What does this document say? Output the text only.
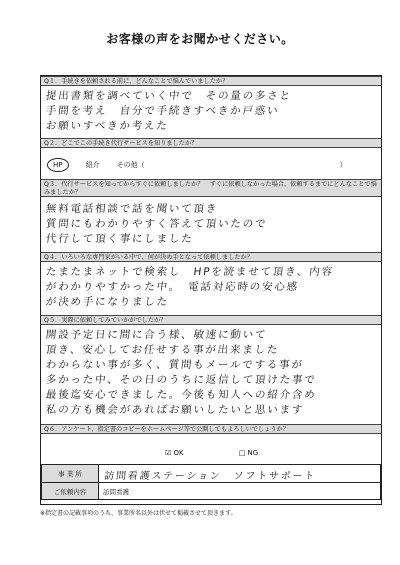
お客様の声をお聞かせください。
Q１．手続きを依頼される前に、どんなことで悩んでいましたか？
提出書類を調べていく中で　その量の多さと
手間を考え　自分で手続きすべきか戸惑い
お願いすべきか考えた
Q２．どこでこの手続き代行サービスを知りましたか？
HP	紹介 その他（	）
Q３．代行サービスを知ってからすぐに依頼しましたか？　すぐに依頼しなかった場合、依頼するまでにどんなことで悩みましたか？
無料電話相談で話を聞いて頂き
質問にもわかりやすく答えて頂いたので
代行して頂く事にしました
Q４．いろいろな専門家がいる中で、何が決め手となって依頼しましたか？
たまたまネットで検索し　HPを読ませて頂き、内容
がわかりやすかった中。　電話対応時の安心感
が決め手になりました
Q５．実際に依頼してみていかがでしたか？
開設予定日に間に合う様、敏速に動いて
頂き、安心してお任せする事が出来ました
わからない事が多く、質問もメールでする事が
多かった中、その日のうちに返信して頂けた事で
最後迄安心できました。今後も知人への紹介含め
私の方も機会があればお願いしたいと思います
Q６．アンケート、指定書のコピーをホームページ等で公開してもよろしいでしょうか？
☑ OK	□ NG
事 業 所	訪問看護ステーション　ソフトサポート
ご依頼内容	訪問看護
※指定書の記載事項のうち、事業所名以外は伏せて掲載させて頂きます。
